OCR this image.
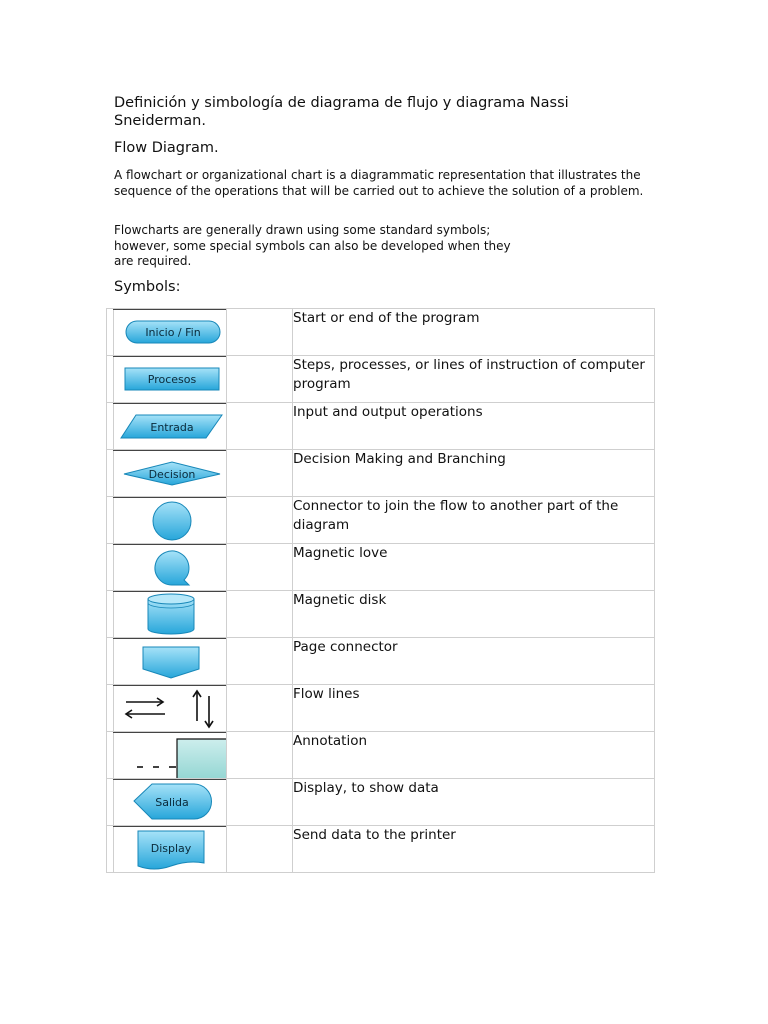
Definición y simbología de diagrama de flujo y diagrama Nassi Sneiderman.
Flow Diagram.

A flowchart or organizational chart is a diagrammatic representation that illustrates the sequence of the operations that will be carried out to achieve the solution of a problem.

Flowcharts are generally drawn using some standard symbols; however, some special symbols can also be developed when they are required.

Symbols:

Inicio / Fin		Start or end of the program

Procesos		Steps, processes, or lines of instruction of computer program

Entrada		Input and output operations

Decision		Decision Making and Branching

		Connector to join the flow to another part of the diagram

		Magnetic love

		Magnetic disk

		Page connector

		Flow lines

		Annotation

Salida		Display, to show data

Display		Send data to the printer
